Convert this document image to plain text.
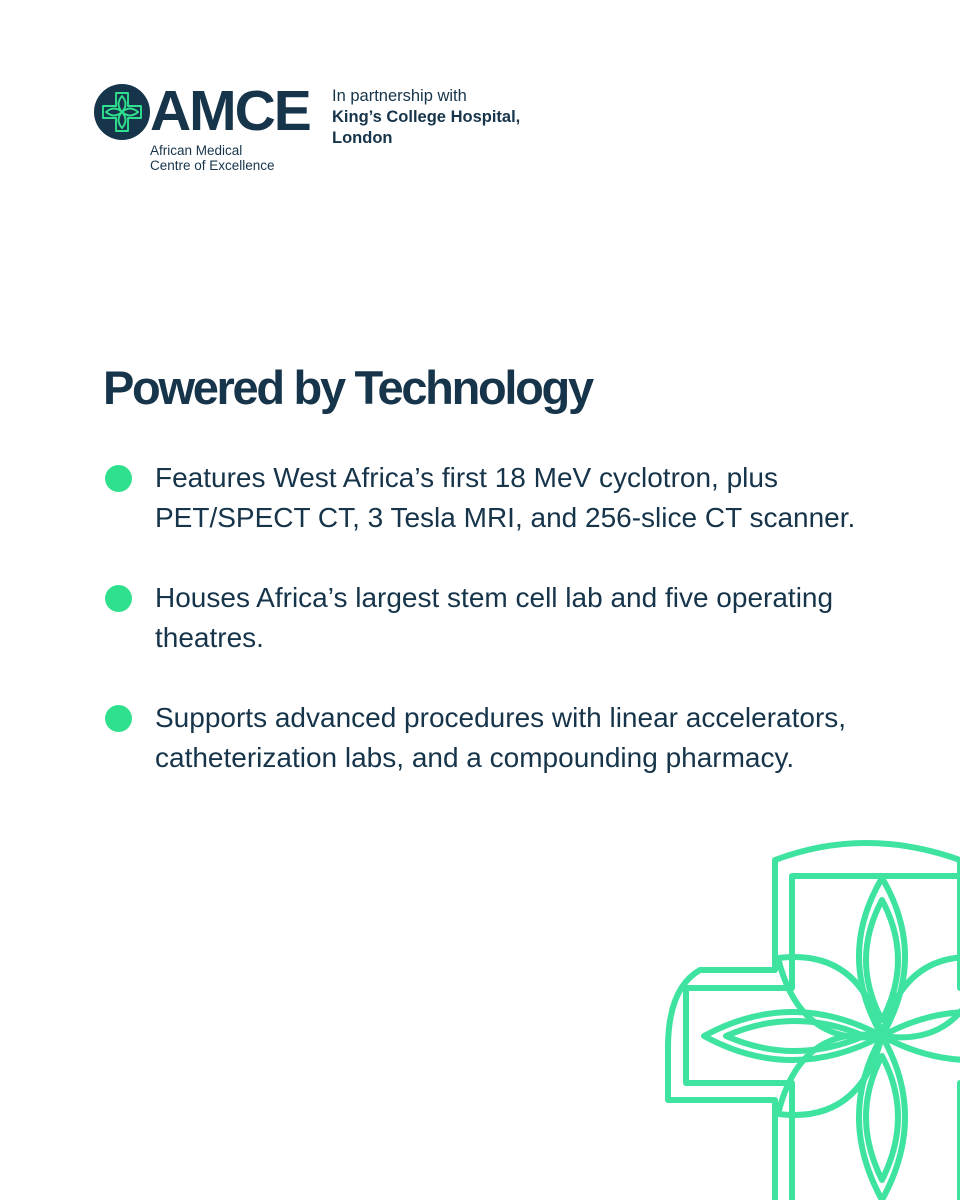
AMCE
African Medical
Centre of Excellence
In partnership with
King’s College Hospital,
London
Powered by Technology
Features West Africa’s first 18 MeV cyclotron, plus PET/SPECT CT, 3 Tesla MRI, and 256-slice CT scanner.
Houses Africa’s largest stem cell lab and five operating theatres.
Supports advanced procedures with linear accelerators, catheterization labs, and a compounding pharmacy.
